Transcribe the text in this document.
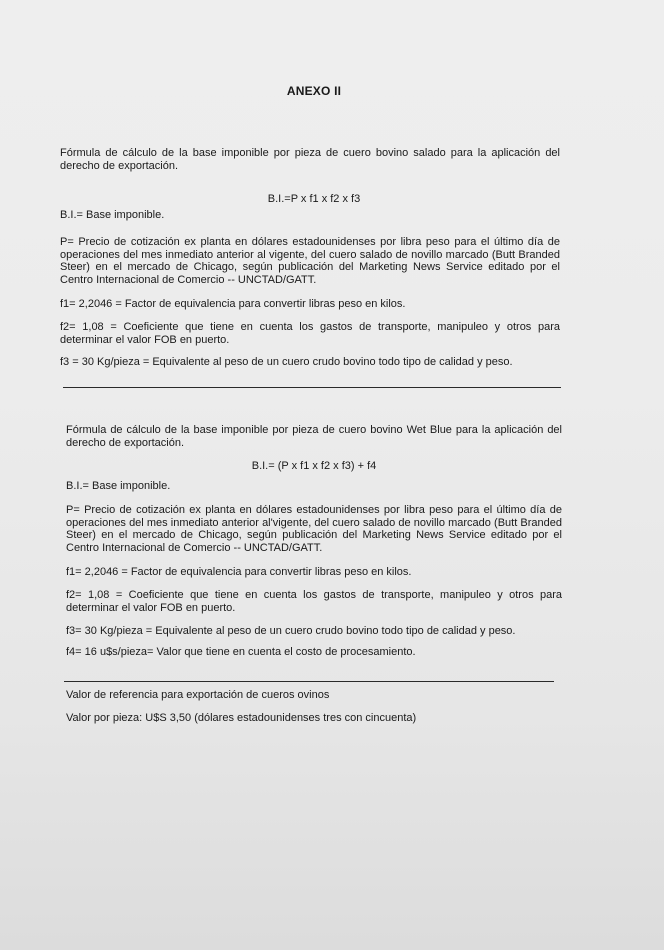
ANEXO II
Fórmula de cálculo de la base imponible por pieza de cuero bovino salado para la aplicación del derecho de exportación.
B.I.=P x f1 x f2 x f3
B.I.= Base imponible.
P= Precio de cotización ex planta en dólares estadounidenses por libra peso para el último día de operaciones del mes inmediato anterior al vigente, del cuero salado de novillo marcado (Butt Branded Steer) en el mercado de Chicago, según publicación del Marketing News Service editado por el Centro Internacional de Comercio -- UNCTAD/GATT.
f1= 2,2046 = Factor de equivalencia para convertir libras peso en kilos.
f2= 1,08 = Coeficiente que tiene en cuenta los gastos de transporte, manipuleo y otros para determinar el valor FOB en puerto.
f3 = 30 Kg/pieza = Equivalente al peso de un cuero crudo bovino todo tipo de calidad y peso.
Fórmula de cálculo de la base imponible por pieza de cuero bovino Wet Blue para la aplicación del derecho de exportación.
B.I.= (P x f1 x f2 x f3) + f4
B.I.= Base imponible.
P= Precio de cotización ex planta en dólares estadounidenses por libra peso para el último día de operaciones del mes inmediato anterior al'vigente, del cuero salado de novillo marcado (Butt Branded Steer) en el mercado de Chicago, según publicación del Marketing News Service editado por el Centro Internacional de Comercio -- UNCTAD/GATT.
f1= 2,2046 = Factor de equivalencia para convertir libras peso en kilos.
f2= 1,08 = Coeficiente que tiene en cuenta los gastos de transporte, manipuleo y otros para determinar el valor FOB en puerto.
f3= 30 Kg/pieza = Equivalente al peso de un cuero crudo bovino todo tipo de calidad y peso.
f4= 16 u$s/pieza= Valor que tiene en cuenta el costo de procesamiento.
Valor de referencia para exportación de cueros ovinos
Valor por pieza: U$S 3,50 (dólares estadounidenses tres con cincuenta)
